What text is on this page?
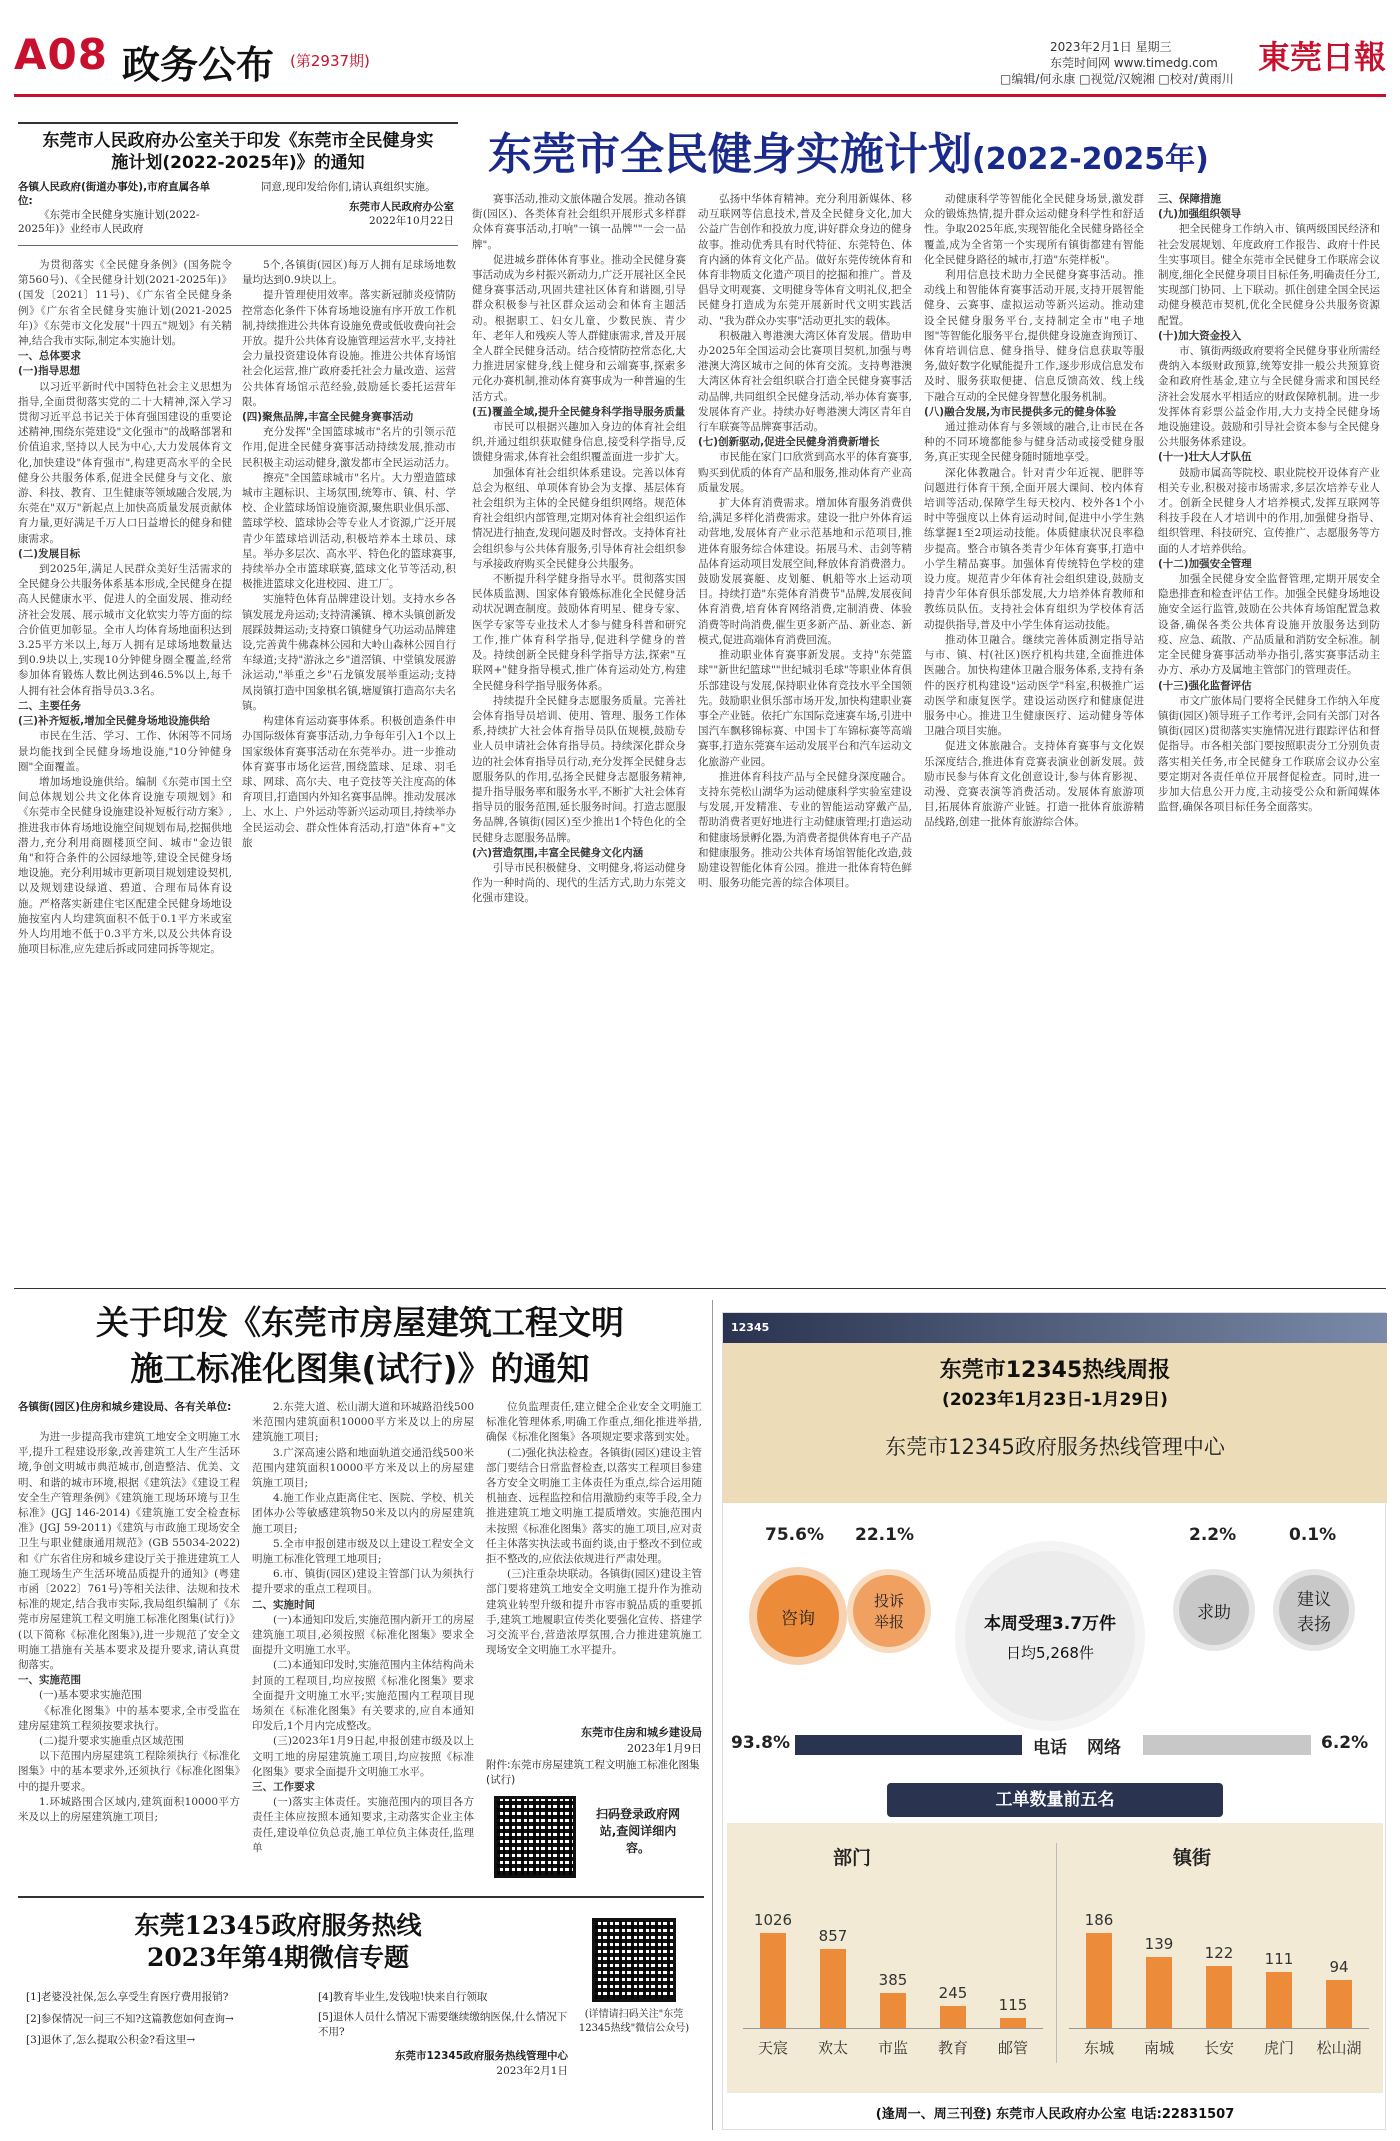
A08 政务公布 (第2937期)
2023年2月1日 星期三
东莞时间网 www.timedg.com
□编辑/何永康 □视觉/汉婉湘 □校对/黄雨川
東莞日報
东莞市人民政府办公室关于印发《东莞市全民健身实施计划(2022-2025年)》的通知
各镇人民政府(街道办事处),市府直属各单位:
《东莞市全民健身实施计划(2022-2025年)》业经市人民政府
同意,现印发给你们,请认真组织实施。
东莞市人民政府办公室
2022年10月22日
东莞市全民健身实施计划(2022-2025年)

为贯彻落实《全民健身条例》(国务院令第560号)、《全民健身计划(2021-2025年)》(国发〔2021〕11号)、《广东省全民健身条例》《广东省全民健身实施计划(2021-2025年)》《东莞市文化发展"十四五"规划》有关精神,结合我市实际,制定本实施计划。

一、总体要求

(一)指导思想

以习近平新时代中国特色社会主义思想为指导,全面贯彻落实党的二十大精神,深入学习贯彻习近平总书记关于体育强国建设的重要论述精神,围绕东莞建设"文化强市"的战略部署和价值追求,坚持以人民为中心,大力发展体育文化,加快建设"体育强市",构建更高水平的全民健身公共服务体系,促进全民健身与文化、旅游、科技、教育、卫生健康等领域融合发展,为东莞在"双万"新起点上加快高质量发展贡献体育力量,更好满足千万人口日益增长的健身和健康需求。

(二)发展目标

到2025年,满足人民群众美好生活需求的全民健身公共服务体系基本形成,全民健身在提高人民健康水平、促进人的全面发展、推动经济社会发展、展示城市文化软实力等方面的综合价值更加彰显。全市人均体育场地面积达到3.25平方米以上,每万人拥有足球场地数量达到0.9块以上,实现10分钟健身圈全覆盖,经常参加体育锻炼人数比例达到46.5%以上,每千人拥有社会体育指导员3.3名。

二、主要任务

(三)补齐短板,增加全民健身场地设施供给

市民在生活、学习、工作、休闲等不同场景均能找到全民健身场地设施,"10分钟健身圈"全面覆盖。

增加场地设施供给。编制《东莞市国土空间总体规划公共文化体育设施专项规划》和《东莞市全民健身设施建设补短板行动方案》,推进我市体育场地设施空间规划布局,挖掘供地潜力,充分利用商圈楼顶空间、城市"金边银角"和符合条件的公园绿地等,建设全民健身场地设施。充分利用城市更新项目规划建设契机,以及规划建设绿道、碧道、合理布局体育设施。严格落实新建住宅区配建全民健身场地设施按室内人均建筑面积不低于0.1平方米或室外人均用地不低于0.3平方米,以及公共体育设施项目标准,应先建后拆或同建同拆等规定。

5个,各镇街(园区)每万人拥有足球场地数量均达到0.9块以上。

提升管理使用效率。落实新冠肺炎疫情防控常态化条件下体育场地设施有序开放工作机制,持续推进公共体育设施免费或低收费向社会开放。提升公共体育设施管理运营水平,支持社会力量投资建设体育设施。推进公共体育场馆社会化运营,推广政府委托社会力量改造、运营公共体育场馆示范经验,鼓励延长委托运营年限。

(四)聚焦品牌,丰富全民健身赛事活动

充分发挥"全国篮球城市"名片的引领示范作用,促进全民健身赛事活动持续发展,推动市民积极主动运动健身,激发都市全民运动活力。

擦亮"全国篮球城市"名片。大力塑造篮球城市主题标识、主场氛围,统筹市、镇、村、学校、企业篮球场馆设施资源,聚焦职业俱乐部、篮球学校、篮球协会等专业人才资源,广泛开展青少年篮球培训活动,积极培养本土球员、球星。举办多层次、高水平、特色化的篮球赛事,持续举办全市篮球联赛,篮球文化节等活动,积极推进篮球文化进校园、进工厂。

实施特色体育品牌建设计划。支持水乡各镇发展龙舟运动;支持清溪镇、樟木头镇创新发展踩鼓舞运动;支持寮口镇健身气功运动品牌建设,完善黄牛佛森林公园和大岭山森林公园自行车绿道;支持"游泳之乡"道滘镇、中堂镇发展游泳运动,"举重之乡"石龙镇发展举重运动;支持凤岗镇打造中国象棋名镇,塘厦镇打造高尔夫名镇。

构建体育运动赛事体系。积极创造条件申办国际级体育赛事活动,力争每年引入1个以上国家级体育赛事活动在东莞举办。进一步推动体育赛事市场化运营,围绕篮球、足球、羽毛球、网球、高尔夫、电子竞技等关注度高的体育项目,打造国内外知名赛事品牌。推动发展冰上、水上、户外运动等新兴运动项目,持续举办全民运动会、群众性体育活动,打造"体育+"文旅

赛事活动,推动文旅体融合发展。推动各镇街(园区)、各类体育社会组织开展形式多样群众体育赛事活动,打响"一镇一品牌""一会一品牌"。

促进城乡群体体育事业。推动全民健身赛事活动成为乡村振兴新动力,广泛开展社区全民健身赛事活动,巩固共建社区体育和谐圈,引导群众积极参与社区群众运动会和体育主题活动。根据职工、妇女儿童、少数民族、青少年、老年人和残疾人等人群健康需求,普及开展全人群全民健身活动。结合疫情防控常态化,大力推进居家健身,线上健身和云端赛事,探索多元化办赛机制,推动体育赛事成为一种普遍的生活方式。

(五)覆盖全域,提升全民健身科学指导服务质量

市民可以根据兴趣加入身边的体育社会组织,并通过组织获取健身信息,接受科学指导,反馈健身需求,体育社会组织覆盖面进一步扩大。

加强体育社会组织体系建设。完善以体育总会为枢纽、单项体育协会为支撑、基层体育社会组织为主体的全民健身组织网络。规范体育社会组织内部管理,定期对体育社会组织运作情况进行抽查,发现问题及时督改。支持体育社会组织参与公共体育服务,引导体育社会组织参与承接政府购买全民健身公共服务。

不断提升科学健身指导水平。贯彻落实国民体质监测、国家体育锻炼标准化全民健身活动状况调查制度。鼓励体育明星、健身专家、医学专家等专业技术人才参与健身科普和研究工作,推广体育科学指导,促进科学健身的普及。持续创新全民健身科学指导方法,探索"互联网+"健身指导模式,推广体育运动处方,构建全民健身科学指导服务体系。

持续提升全民健身志愿服务质量。完善社会体育指导员培训、使用、管理、服务工作体系,持续扩大社会体育指导员队伍规模,鼓励专业人员申请社会体育指导员。持续深化群众身边的社会体育指导员行动,充分发挥全民健身志愿服务队的作用,弘扬全民健身志愿服务精神,提升指导服务率和服务水平,不断扩大社会体育指导员的服务范围,延长服务时间。打造志愿服务品牌,各镇街(园区)至少推出1个特色化的全民健身志愿服务品牌。

(六)营造氛围,丰富全民健身文化内涵

引导市民积极健身、文明健身,将运动健身作为一种时尚的、现代的生活方式,助力东莞文化强市建设。

弘扬中华体育精神。充分利用新媒体、移动互联网等信息技术,普及全民健身文化,加大公益广告创作和投放力度,讲好群众身边的健身故事。推动优秀具有时代特征、东莞特色、体育内涵的体育文化产品。做好东莞传统体育和体育非物质文化遗产项目的挖掘和推广。普及倡导文明观赛、文明健身等体育文明礼仪,把全民健身打造成为东莞开展新时代文明实践活动、"我为群众办实事"活动更扎实的载体。

积极融入粤港澳大湾区体育发展。借助申办2025年全国运动会比赛项目契机,加强与粤港澳大湾区城市之间的体育交流。支持粤港澳大湾区体育社会组织联合打造全民健身赛事活动品牌,共同组织全民健身活动,举办体育赛事,发展体育产业。持续办好粤港澳大湾区青年自行车联赛等品牌赛事活动。

(七)创新驱动,促进全民健身消费新增长

市民能在家门口欣赏到高水平的体育赛事,购买到优质的体育产品和服务,推动体育产业高质量发展。

扩大体育消费需求。增加体育服务消费供给,满足多样化消费需求。建设一批户外体育运动营地,发展体育产业示范基地和示范项目,推进体育服务综合体建设。拓展马术、击剑等精品体育运动项目发展空间,释放体育消费潜力。鼓励发展赛艇、皮划艇、帆船等水上运动项目。持续打造"东莞体育消费节"品牌,发展夜间体育消费,培育体育网络消费,定制消费、体验消费等时尚消费,催生更多新产品、新业态、新模式,促进高端体育消费回流。

推动职业体育赛事新发展。支持"东莞篮球""新世纪篮球""世纪城羽毛球"等职业体育俱乐部建设与发展,保持职业体育竞技水平全国领先。鼓励职业俱乐部市场开发,加快构建职业赛事全产业链。依托广东国际竞速赛车场,引进中国汽车飘移锦标赛、中国卡丁车锦标赛等高端赛事,打造东莞赛车运动发展平台和汽车运动文化旅游产业园。

推进体育科技产品与全民健身深度融合。支持东莞松山湖华为运动健康科学实验室建设与发展,开发精准、专业的智能运动穿戴产品,帮助消费者更好地进行主动健康管理;打造运动和健康场景孵化器,为消费者提供体育电子产品和健康服务。推动公共体育场馆智能化改造,鼓励建设智能化体育公园。推进一批体育特色鲜明、服务功能完善的综合体项目。

动健康科学等智能化全民健身场景,激发群众的锻炼热情,提升群众运动健身科学性和舒适性。争取2025年底,实现智能化全民健身路径全覆盖,成为全省第一个实现所有镇街都建有智能化全民健身路径的城市,打造"东莞样板"。

利用信息技术助力全民健身赛事活动。推动线上和智能体育赛事活动开展,支持开展智能健身、云赛事、虚拟运动等新兴运动。推动建设全民健身服务平台,支持制定全市"电子地图"等智能化服务平台,提供健身设施查询预订、体育培训信息、健身指导、健身信息获取等服务,做好数字化赋能提升工作,逐步形成信息发布及时、服务获取便捷、信息反馈高效、线上线下融合互动的全民健身智慧化服务机制。

(八)融合发展,为市民提供多元的健身体验

通过推动体育与多领域的融合,让市民在各种的不同环境都能参与健身活动或接受健身服务,真正实现全民健身随时随地享受。

深化体教融合。针对青少年近视、肥胖等问题进行体育干预,全面开展大课间、校内体育培训等活动,保障学生每天校内、校外各1个小时中等强度以上体育运动时间,促进中小学生熟练掌握1至2项运动技能。体质健康状况良率稳步提高。整合市镇各类青少年体育赛事,打造中小学生精品赛事。加强体育传统特色学校的建设力度。规范青少年体育社会组织建设,鼓励支持青少年体育俱乐部发展,大力培养体育教师和教练员队伍。支持社会体育组织为学校体育活动提供指导,普及中小学生体育运动技能。

推动体卫融合。继续完善体质测定指导站与市、镇、村(社区)医疗机构共建,全面推进体医融合。加快构建体卫融合服务体系,支持有条件的医疗机构建设"运动医学"科室,积极推广运动医学和康复医学。建设运动医疗和健康促进服务中心。推进卫生健康医疗、运动健身等体卫融合项目实施。

促进文体旅融合。支持体育赛事与文化娱乐深度结合,推进体育竞赛表演业创新发展。鼓励市民参与体育文化创意设计,参与体育影视、动漫、竞赛表演等消费活动。发展体育旅游项目,拓展体育旅游产业链。打造一批体育旅游精品线路,创建一批体育旅游综合体。

三、保障措施

(九)加强组织领导

把全民健身工作纳入市、镇两级国民经济和社会发展规划、年度政府工作报告、政府十件民生实事项目。健全东莞市全民健身工作联席会议制度,细化全民健身项目目标任务,明确责任分工,实现部门协同、上下联动。抓住创建全国全民运动健身模范市契机,优化全民健身公共服务资源配置。

(十)加大资金投入

市、镇街两级政府要将全民健身事业所需经费纳入本级财政预算,统筹安排一般公共预算资金和政府性基金,建立与全民健身需求和国民经济社会发展水平相适应的财政保障机制。进一步发挥体育彩票公益金作用,大力支持全民健身场地设施建设。鼓励和引导社会资本参与全民健身公共服务体系建设。

(十一)壮大人才队伍

鼓励市属高等院校、职业院校开设体育产业相关专业,积极对接市场需求,多层次培养专业人才。创新全民健身人才培养模式,发挥互联网等科技手段在人才培训中的作用,加强健身指导、组织管理、科技研究、宣传推广、志愿服务等方面的人才培养供给。

(十二)加强安全管理

加强全民健身安全监督管理,定期开展安全隐患排查和检查评估工作。加强全民健身场地设施安全运行监管,鼓励在公共体育场馆配置急救设备,确保各类公共体育设施开放服务达到防疫、应急、疏散、产品质量和消防安全标准。制定全民健身赛事活动举办指引,落实赛事活动主办方、承办方及属地主管部门的管理责任。

(十三)强化监督评估

市文广旅体局门要将全民健身工作纳入年度镇街(园区)领导班子工作考评,会同有关部门对各镇街(园区)贯彻落实实施情况进行跟踪评估和督促指导。市各相关部门要按照职责分工分别负责落实相关任务,市全民健身工作联席会议办公室要定期对各责任单位开展督促检查。同时,进一步加大信息公开力度,主动接受公众和新闻媒体监督,确保各项目标任务全面落实。

关于印发《东莞市房屋建筑工程文明
施工标准化图集(试行)》的通知
各镇街(园区)住房和城乡建设局、各有关单位:

为进一步提高我市建筑工地安全文明施工水平,提升工程建设形象,改善建筑工人生产生活环境,争创文明城市典范城市,创造整洁、优美、文明、和谐的城市环境,根据《建筑法》《建设工程安全生产管理条例》《建筑施工现场环境与卫生标准》(JGJ 146-2014)《建筑施工安全检查标准》(JGJ 59-2011)《建筑与市政施工现场安全卫生与职业健康通用规范》(GB 55034-2022)和《广东省住房和城乡建设厅关于推进建筑工人施工现场生产生活环境品质提升的通知》(粤建市函〔2022〕761号)等相关法律、法规和技术标准的规定,结合我市实际,我局组织编制了《东莞市房屋建筑工程文明施工标准化图集(试行)》(以下简称《标准化图集》),进一步规范了安全文明施工措施有关基本要求及提升要求,请认真贯彻落实。

一、实施范围

(一)基本要求实施范围

《标准化图集》中的基本要求,全市受监在建房屋建筑工程须按要求执行。

(二)提升要求实施重点区域范围

以下范围内房屋建筑工程除须执行《标准化图集》中的基本要求外,还须执行《标准化图集》中的提升要求。

1.环城路围合区域内,建筑面积10000平方米及以上的房屋建筑施工项目;

2.东莞大道、松山湖大道和环城路沿线500米范围内建筑面积10000平方米及以上的房屋建筑施工项目;

3.广深高速公路和地面轨道交通沿线500米范围内建筑面积10000平方米及以上的房屋建筑施工项目;

4.施工作业点距离住宅、医院、学校、机关团体办公等敏感建筑物50米及以内的房屋建筑施工项目;

5.全市申报创建市级及以上建设工程安全文明施工标准化管理工地项目;

6.市、镇街(园区)建设主管部门认为须执行提升要求的重点工程项目。

二、实施时间

(一)本通知印发后,实施范围内新开工的房屋建筑施工项目,必须按照《标准化图集》要求全面提升文明施工水平。

(二)本通知印发时,实施范围内主体结构尚未封顶的工程项目,均应按照《标准化图集》要求全面提升文明施工水平;实施范围内工程项目现场须在《标准化图集》有关要求的,应自本通知印发后,1个月内完成整改。

(三)2023年1月9日起,申报创建市级及以上文明工地的房屋建筑施工项目,均应按照《标准化图集》要求全面提升文明施工水平。

三、工作要求

(一)落实主体责任。实施范围内的项目各方责任主体应按照本通知要求,主动落实企业主体责任,建设单位负总责,施工单位负主体责任,监理单

位负监理责任,建立健全企业安全文明施工标准化管理体系,明确工作重点,细化推进举措,确保《标准化图集》各项规定要求落到实处。

(二)强化执法检查。各镇街(园区)建设主管部门要结合日常监督检查,以落实工程项目参建各方安全文明施工主体责任为重点,综合运用随机抽查、远程监控和信用激励约束等手段,全力推进建筑工地文明施工提质增效。实施范围内未按照《标准化图集》落实的施工项目,应对责任主体落实执法或书面约谈,由于整改不到位或拒不整改的,应依法依规进行严肃处理。

(三)注重杂块联动。各镇街(园区)建设主管部门要将建筑工地安全文明施工提升作为推动建筑业转型升级和提升市容市貌品质的重要抓手,建筑工地履职宣传类化要强化宣传、搭建学习交流平台,营造浓厚氛围,合力推进建筑施工现场安全文明施工水平提升。

东莞市住房和城乡建设局
2023年1月9日
附件:东莞市房屋建筑工程文明施工标准化图集(试行)
扫码登录政府网站,查阅详细内容。
东莞12345政府服务热线
2023年第4期微信专题
[1]老婆没社保,怎么享受生育医疗费用报销?
[2]参保情况一问三不知?这篇教您如何查询→
[3]退休了,怎么提取公积金?看这里→
[4]教育毕业生,发钱啦!快来自行领取
[5]退休人员什么情况下需要继续缴纳医保,什么情况下不用?
东莞市12345政府服务热线管理中心
2023年2月1日
(详情请扫码关注"东莞12345热线"微信公众号)
12345
东莞市12345热线周报
(2023年1月23日-1月29日)
东莞市12345政府服务热线管理中心
75.6% 22.1%	2.2%	0.1%
咨询
投诉举报	本周受理3.7万件
日均5,268件
求助
建议表扬
93.8%	电话 网络	6.2%
工单数量前五名
部门	镇街
1026
天宸
857
欢太
385
市监
245
教育
115
邮管
186
东城
139
南城
122
长安
111
虎门
94
松山湖
(逢周一、周三刊登) 东莞市人民政府办公室 电话:22831507
